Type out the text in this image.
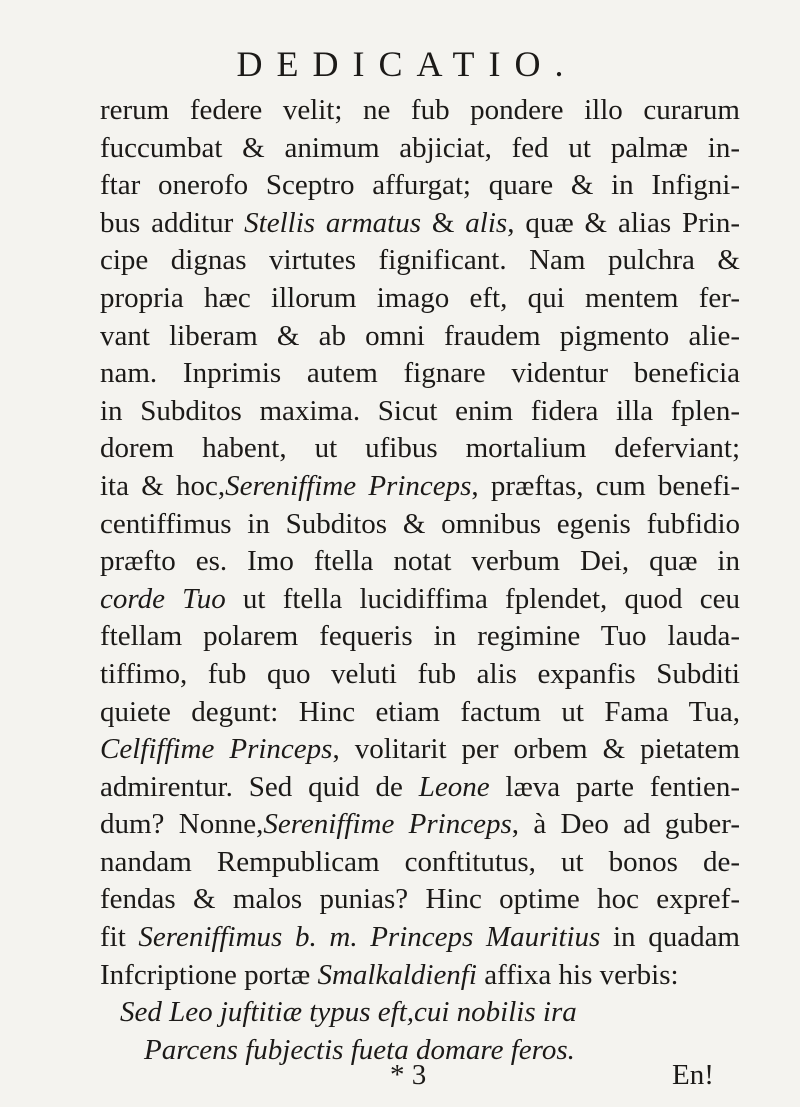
DEDICATIO.
rerum federe velit; ne fub pondere illo curarum
fuccumbat & animum abjiciat, fed ut palmæ in-
ftar onerofo Sceptro affurgat; quare & in Infigni-
bus additur Stellis armatus & alis, quæ & alias Prin-
cipe dignas virtutes fignificant. Nam pulchra &
propria hæc illorum imago eft, qui mentem fer-
vant liberam & ab omni fraudem pigmento alie-
nam. Inprimis autem fignare videntur beneficia
in Subditos maxima. Sicut enim fidera illa fplen-
dorem habent, ut ufibus mortalium deferviant;
ita & hoc,Sereniffime Princeps, præftas, cum benefi-
centiffimus in Subditos & omnibus egenis fubfidio
præfto es. Imo ftella notat verbum Dei, quæ in
corde Tuo ut ftella lucidiffima fplendet, quod ceu
ftellam polarem fequeris in regimine Tuo lauda-
tiffimo, fub quo veluti fub alis expanfis Subditi
quiete degunt: Hinc etiam factum ut Fama Tua,
Celfiffime Princeps, volitarit per orbem & pietatem
admirentur. Sed quid de Leone læva parte fentien-
dum? Nonne,Sereniffime Princeps, à Deo ad guber-
nandam Rempublicam conftitutus, ut bonos de-
fendas & malos punias? Hinc optime hoc expref-
fit Sereniffimus b. m. Princeps Mauritius in quadam
Infcriptione portæ Smalkaldienfi affixa his verbis:
Sed Leo juftitiæ typus eft,cui nobilis ira
Parcens fubjectis fueta domare feros.
* 3	En!
